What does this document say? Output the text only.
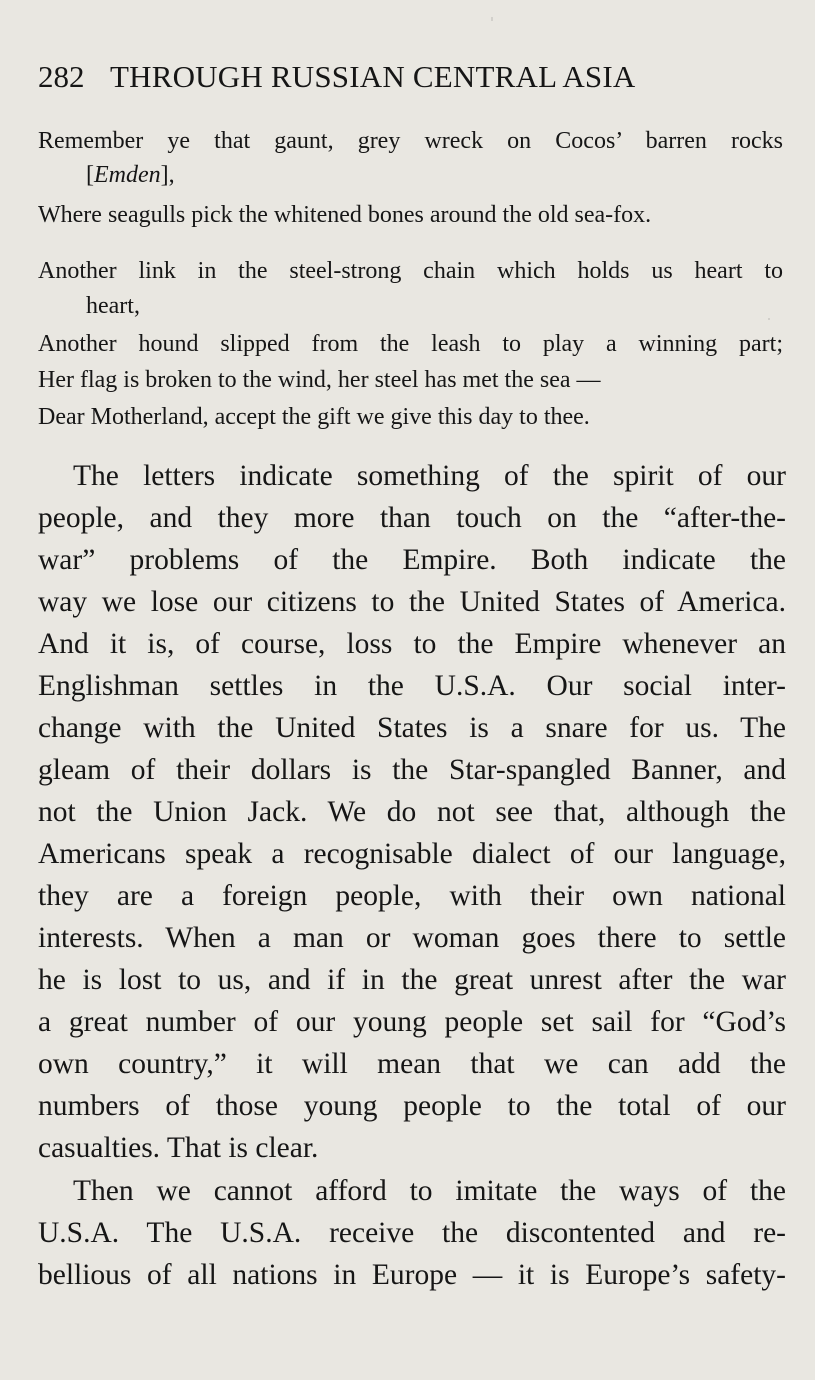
282 THROUGH RUSSIAN CENTRAL ASIA
Remember ye that gaunt, grey wreck on Cocos’ barren rocks
[Emden],
Where seagulls pick the whitened bones around the old sea-fox.
Another link in the steel-strong chain which holds us heart to
heart,
Another hound slipped from the leash to play a winning part;
Her flag is broken to the wind, her steel has met the sea —
Dear Motherland, accept the gift we give this day to thee.
The letters indicate something of the spirit of our
people, and they more than touch on the “after-the-
war” problems of the Empire. Both indicate the
way we lose our citizens to the United States of America.
And it is, of course, loss to the Empire whenever an
Englishman settles in the U.S.A. Our social inter-
change with the United States is a snare for us. The
gleam of their dollars is the Star-spangled Banner, and
not the Union Jack. We do not see that, although the
Americans speak a recognisable dialect of our language,
they are a foreign people, with their own national
interests. When a man or woman goes there to settle
he is lost to us, and if in the great unrest after the war
a great number of our young people set sail for “God’s
own country,” it will mean that we can add the
numbers of those young people to the total of our
casualties. That is clear.
Then we cannot afford to imitate the ways of the
U.S.A. The U.S.A. receive the discontented and re-
bellious of all nations in Europe — it is Europe’s safety-
